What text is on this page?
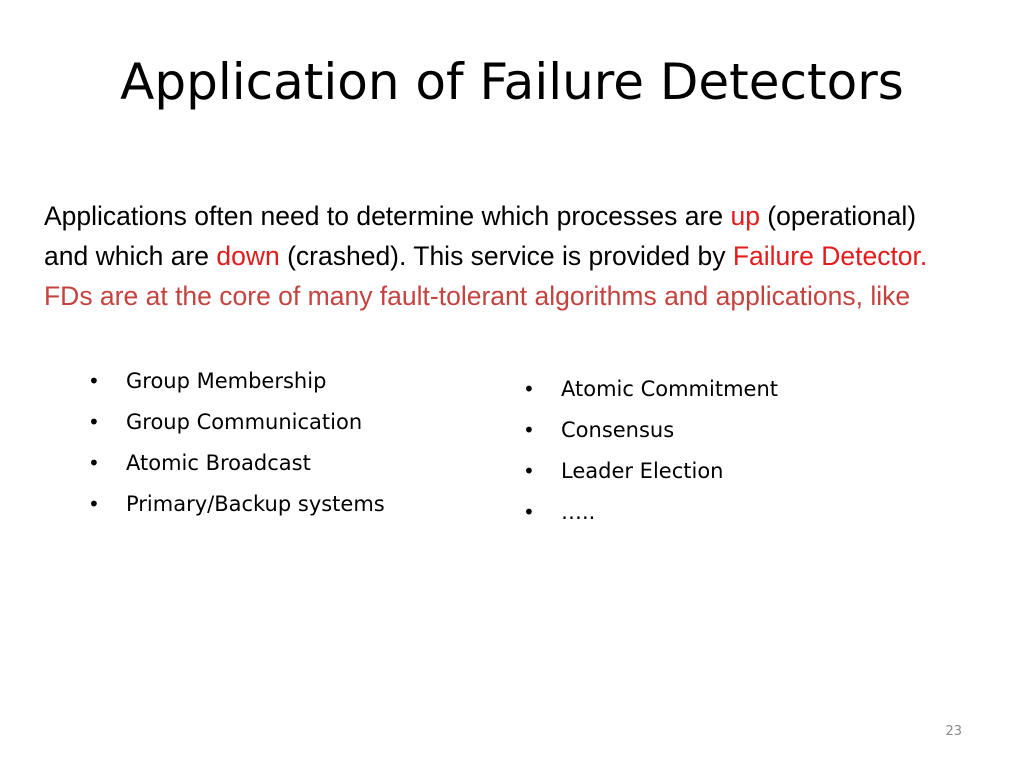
Application of Failure Detectors
Applications often need to determine which processes are up (operational)
and which are down (crashed). This service is provided by Failure Detector.
FDs are at the core of many fault-tolerant algorithms and applications, like
• Group Membership
• Group Communication
• Atomic Broadcast
• Primary/Backup systems
• Atomic Commitment
• Consensus
• Leader Election
• …..
23
